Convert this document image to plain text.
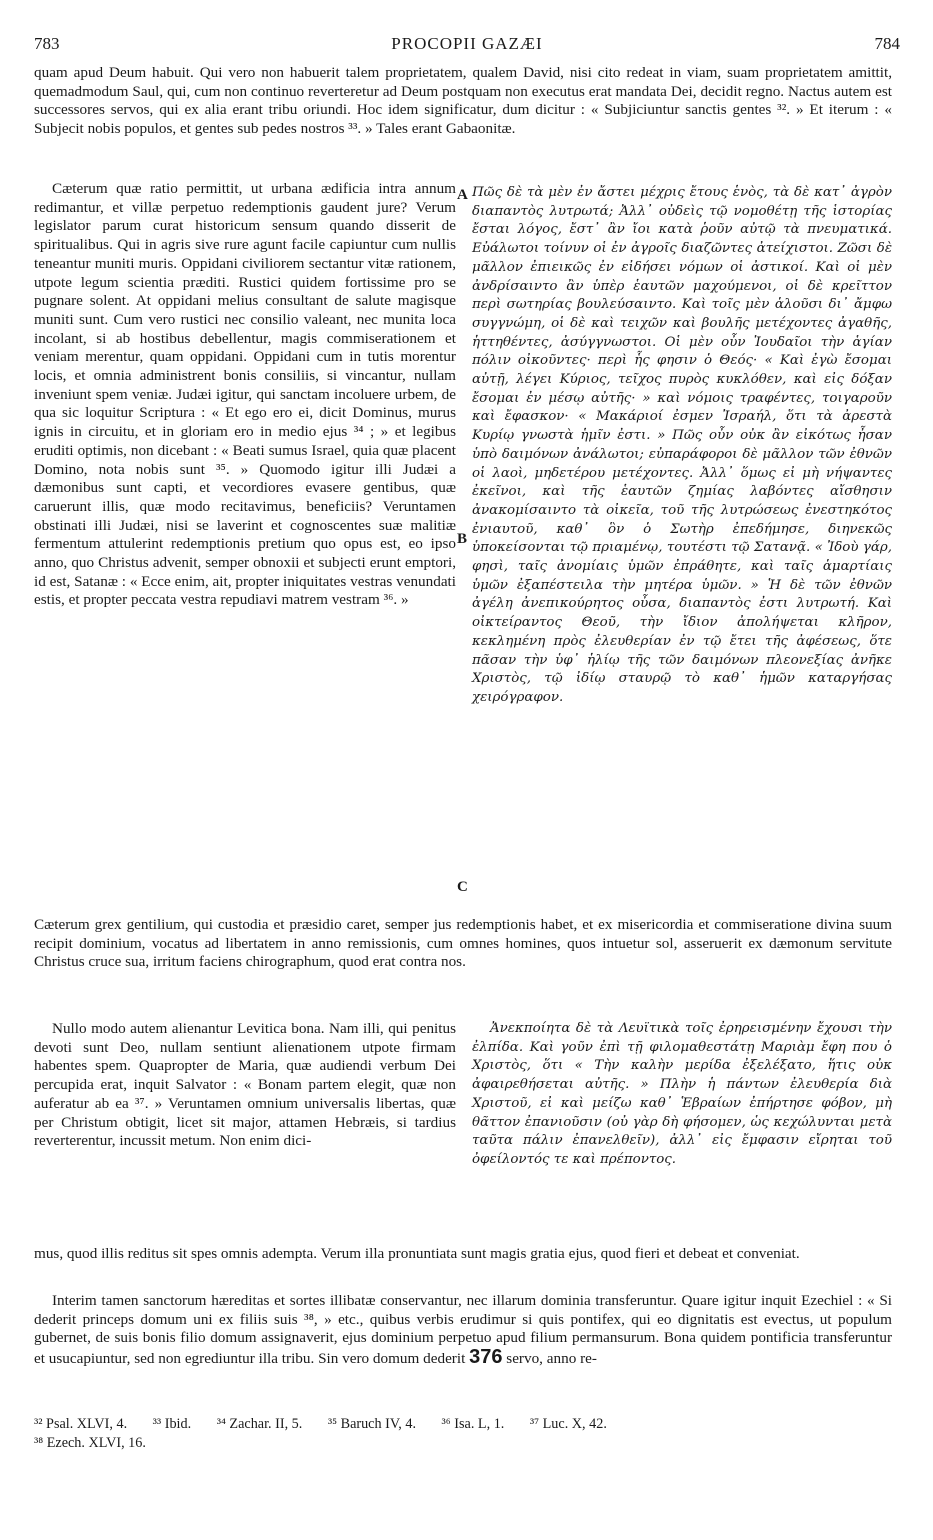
783	PROCOPII GAZÆI	784

quam apud Deum habuit. Qui vero non habuerit talem proprietatem, qualem David, nisi cito redeat in viam, suam proprietatem amittit, quemadmodum Saul, qui, cum non continuo reverteretur ad Deum postquam non executus erat mandata Dei, decidit regno. Nactus autem est successores servos, qui ex alia erant tribu oriundi. Hoc idem significatur, dum dicitur : « Subjiciuntur sanctis gentes ³². » Et iterum : « Subjecit nobis populos, et gentes sub pedes nostros ³³. » Tales erant Gabaonitæ.

A
B
C

Cæterum quæ ratio permittit, ut urbana ædificia intra annum redimantur, et villæ perpetuo redemptionis gaudent jure? Verum legislator parum curat historicum sensum quando disserit de spiritualibus. Qui in agris sive rure agunt facile capiuntur cum nullis teneantur muniti muris. Oppidani civiliorem sectantur vitæ rationem, utpote legum scientia præditi. Rustici quidem fortissime pro se pugnare solent. At oppidani melius consultant de salute magisque muniti sunt. Cum vero rustici nec consilio valeant, nec munita loca incolant, si ab hostibus debellentur, magis commiserationem et veniam merentur, quam oppidani. Oppidani cum in tutis morentur locis, et omnia administrent bonis consiliis, si vincantur, nullam inveniunt spem veniæ. Judæi igitur, qui sanctam incoluere urbem, de qua sic loquitur Scriptura : « Et ego ero ei, dicit Dominus, murus ignis in circuitu, et in gloriam ero in medio ejus ³⁴ ; » et legibus eruditi optimis, non dicebant : « Beati sumus Israel, quia quæ placent Domino, nota nobis sunt ³⁵. » Quomodo igitur illi Judæi a dæmonibus sunt capti, et vecordiores evasere gentibus, quæ caruerunt illis, quæ modo recitavimus, beneficiis? Veruntamen obstinati illi Judæi, nisi se laverint et cognoscentes suæ malitiæ fermentum attulerint redemptionis pretium quo opus est, eo ipso anno, quo Christus advenit, semper obnoxii et subjecti erunt emptori, id est, Satanæ : « Ecce enim, ait, propter iniquitates vestras venundati estis, et propter peccata vestra repudiavi matrem vestram ³⁶. »

Πῶς δὲ τὰ μὲν ἐν ἄστει μέχρις ἔτους ἑνὸς, τὰ δὲ κατ᾽ ἀγρὸν διαπαντὸς λυτρωτά; Ἀλλ᾽ οὐδεὶς τῷ νομοθέτῃ τῆς ἱστορίας ἔσται λόγος, ἔστ᾽ ἂν ἴοι κατὰ ῥοῦν αὐτῷ τὰ πνευματικά. Εὐάλωτοι τοίνυν οἱ ἐν ἀγροῖς διαζῶντες ἀτείχιστοι. Ζῶσι δὲ μᾶλλον ἐπιεικῶς ἐν εἰδήσει νόμων οἱ ἀστικοί. Καὶ οἱ μὲν ἀνδρίσαιντο ἂν ὑπὲρ ἑαυτῶν μαχούμενοι, οἱ δὲ κρεῖττον περὶ σωτηρίας βουλεύσαιντο. Καὶ τοῖς μὲν ἁλοῦσι δι᾽ ἄμφω συγγνώμη, οἱ δὲ καὶ τειχῶν καὶ βουλῆς μετέχοντες ἀγαθῆς, ἡττηθέντες, ἀσύγγνωστοι. Οἱ μὲν οὖν Ἰουδαῖοι τὴν ἁγίαν πόλιν οἰκοῦντες· περὶ ἧς φησιν ὁ Θεός· « Καὶ ἐγὼ ἔσομαι αὐτῇ, λέγει Κύριος, τεῖχος πυρὸς κυκλόθεν, καὶ εἰς δόξαν ἔσομαι ἐν μέσῳ αὐτῆς· » καὶ νόμοις τραφέντες, τοιγαροῦν καὶ ἔφασκον· « Μακάριοί ἐσμεν Ἰσραήλ, ὅτι τὰ ἀρεστὰ Κυρίῳ γνωστὰ ἡμῖν ἐστι. » Πῶς οὖν οὐκ ἂν εἰκότως ἦσαν ὑπὸ δαιμόνων ἀνάλωτοι; εὐπαράφοροι δὲ μᾶλλον τῶν ἐθνῶν οἱ λαοὶ, μηδετέρου μετέχοντες. Ἀλλ᾽ ὅμως εἰ μὴ νήψαντες ἐκεῖνοι, καὶ τῆς ἑαυτῶν ζημίας λαβόντες αἴσθησιν ἀνακομίσαιντο τὰ οἰκεῖα, τοῦ τῆς λυτρώσεως ἐνεστηκότος ἐνιαυτοῦ, καθ᾽ ὃν ὁ Σωτὴρ ἐπεδήμησε, διηνεκῶς ὑποκείσονται τῷ πριαμένῳ, τουτέστι τῷ Σατανᾷ. « Ἰδοὺ γάρ, φησὶ, ταῖς ἀνομίαις ὑμῶν ἐπράθητε, καὶ ταῖς ἁμαρτίαις ὑμῶν ἐξαπέστειλα τὴν μητέρα ὑμῶν. » Ἡ δὲ τῶν ἐθνῶν ἀγέλη ἀνεπικούρητος οὖσα, διαπαντὸς ἐστι λυτρωτή. Καὶ οἰκτείραντος Θεοῦ, τὴν ἴδιον ἀπολήψεται κλῆρον, κεκλημένη πρὸς ἐλευθερίαν ἐν τῷ ἔτει τῆς ἀφέσεως, ὅτε πᾶσαν τὴν ὑφ᾽ ἡλίῳ τῆς τῶν δαιμόνων πλεονεξίας ἀνῆκε Χριστὸς, τῷ ἰδίῳ σταυρῷ τὸ καθ᾽ ἡμῶν καταργήσας χειρόγραφον.

Cæterum grex gentilium, qui custodia et præsidio caret, semper jus redemptionis habet, et ex misericordia et commiseratione divina suum recipit dominium, vocatus ad libertatem in anno remissionis, cum omnes homines, quos intuetur sol, asseruerit ex dæmonum servitute Christus cruce sua, irritum faciens chirographum, quod erat contra nos.

Nullo modo autem alienantur Levitica bona. Nam illi, qui penitus devoti sunt Deo, nullam sentiunt alienationem utpote firmam habentes spem. Quapropter de Maria, quæ audiendi verbum Dei percupida erat, inquit Salvator : « Bonam partem elegit, quæ non auferatur ab ea ³⁷. » Veruntamen omnium universalis libertas, quæ per Christum obtigit, licet sit major, attamen Hebræis, si tardius reverterentur, incussit metum. Non enim dici-

Ἀνεκποίητα δὲ τὰ Λευϊτικὰ τοῖς ἐρηρεισμένην ἔχουσι τὴν ἐλπίδα. Καὶ γοῦν ἐπὶ τῇ φιλομαθεστάτῃ Μαριὰμ ἔφη που ὁ Χριστὸς, ὅτι « Τὴν καλὴν μερίδα ἐξελέξατο, ἥτις οὐκ ἀφαιρεθήσεται αὐτῆς. » Πλὴν ἡ πάντων ἐλευθερία διὰ Χριστοῦ, εἰ καὶ μείζω καθ᾽ Ἑβραίων ἐπήρτησε φόβον, μὴ θᾶττον ἐπανιοῦσιν (οὐ γὰρ δὴ φήσομεν, ὡς κεχώλυνται μετὰ ταῦτα πάλιν ἐπανελθεῖν), ἀλλ᾽ εἰς ἔμφασιν εἴρηται τοῦ ὀφείλοντός τε καὶ πρέποντος.

mus, quod illis reditus sit spes omnis adempta. Verum illa pronuntiata sunt magis gratia ejus, quod fieri et debeat et conveniat.

Interim tamen sanctorum hæreditas et sortes illibatæ conservantur, nec illarum dominia transferuntur. Quare igitur inquit Ezechiel : « Si dederit princeps domum uni ex filiis suis ³⁸, » etc., quibus verbis erudimur si quis pontifex, qui eo dignitatis est evectus, ut populum gubernet, de suis bonis filio domum assignaverit, ejus dominium perpetuo apud filium permansurum. Bona quidem pontificia transferuntur et usucapiuntur, sed non egrediuntur illa tribu. Sin vero domum dederit 376 servo, anno re-

³² Psal. XLVI, 4. ³³ Ibid. ³⁴ Zachar. II, 5. ³⁵ Baruch IV, 4. ³⁶ Isa. L, 1. ³⁷ Luc. X, 42.
³⁸ Ezech. XLVI, 16.
